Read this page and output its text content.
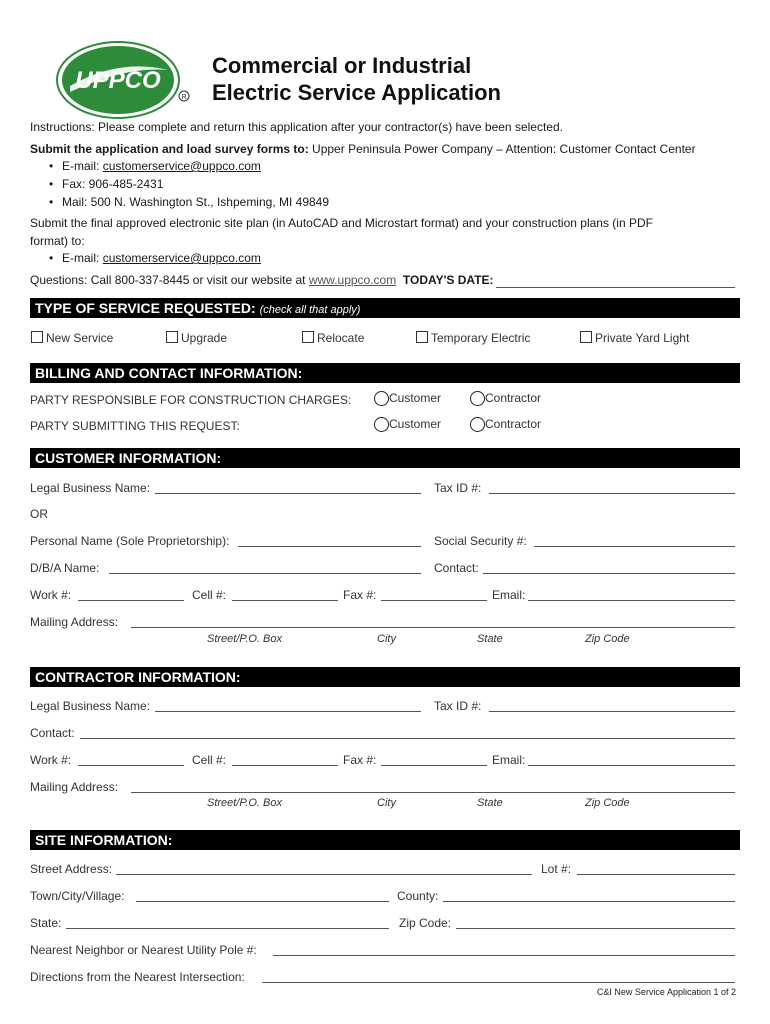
UPPCO
R
Commercial or Industrial
Electric Service Application
Instructions: Please complete and return this application after your contractor(s) have been selected.
Submit the application and load survey forms to: Upper Peninsula Power Company – Attention: Customer Contact Center
• E-mail: customerservice@uppco.com
• Fax: 906-485-2431
• Mail: 500 N. Washington St., Ishpeming, MI 49849
Submit the final approved electronic site plan (in AutoCAD and Microstart format) and your construction plans (in PDF
format) to:
• E-mail: customerservice@uppco.com
Questions: Call 800-337-8445 or visit our website at www.uppco.com TODAY'S DATE:
TYPE OF SERVICE REQUESTED: (check all that apply)
New Service	Upgrade	Relocate	Temporary Electric	Private Yard Light
BILLING AND CONTACT INFORMATION:
PARTY RESPONSIBLE FOR CONSTRUCTION CHARGES:	Customer	Contractor
PARTY SUBMITTING THIS REQUEST:	Customer	Contractor
CUSTOMER INFORMATION:
Legal Business Name:	Tax ID #:
OR
Personal Name (Sole Proprietorship):	Social Security #:
D/B/A Name:	Contact:
Work #:	Cell #:	Fax #:	Email:
Mailing Address:
Street/P.O. Box	City	State	Zip Code
CONTRACTOR INFORMATION:
Legal Business Name:	Tax ID #:
Contact:
Work #:	Cell #:	Fax #:	Email:
Mailing Address:
Street/P.O. Box	City	State	Zip Code
SITE INFORMATION:
Street Address:	Lot #:
Town/City/Village:	County:
State:	Zip Code:
Nearest Neighbor or Nearest Utility Pole #:
Directions from the Nearest Intersection:
C&I New Service Application 1 of 2
